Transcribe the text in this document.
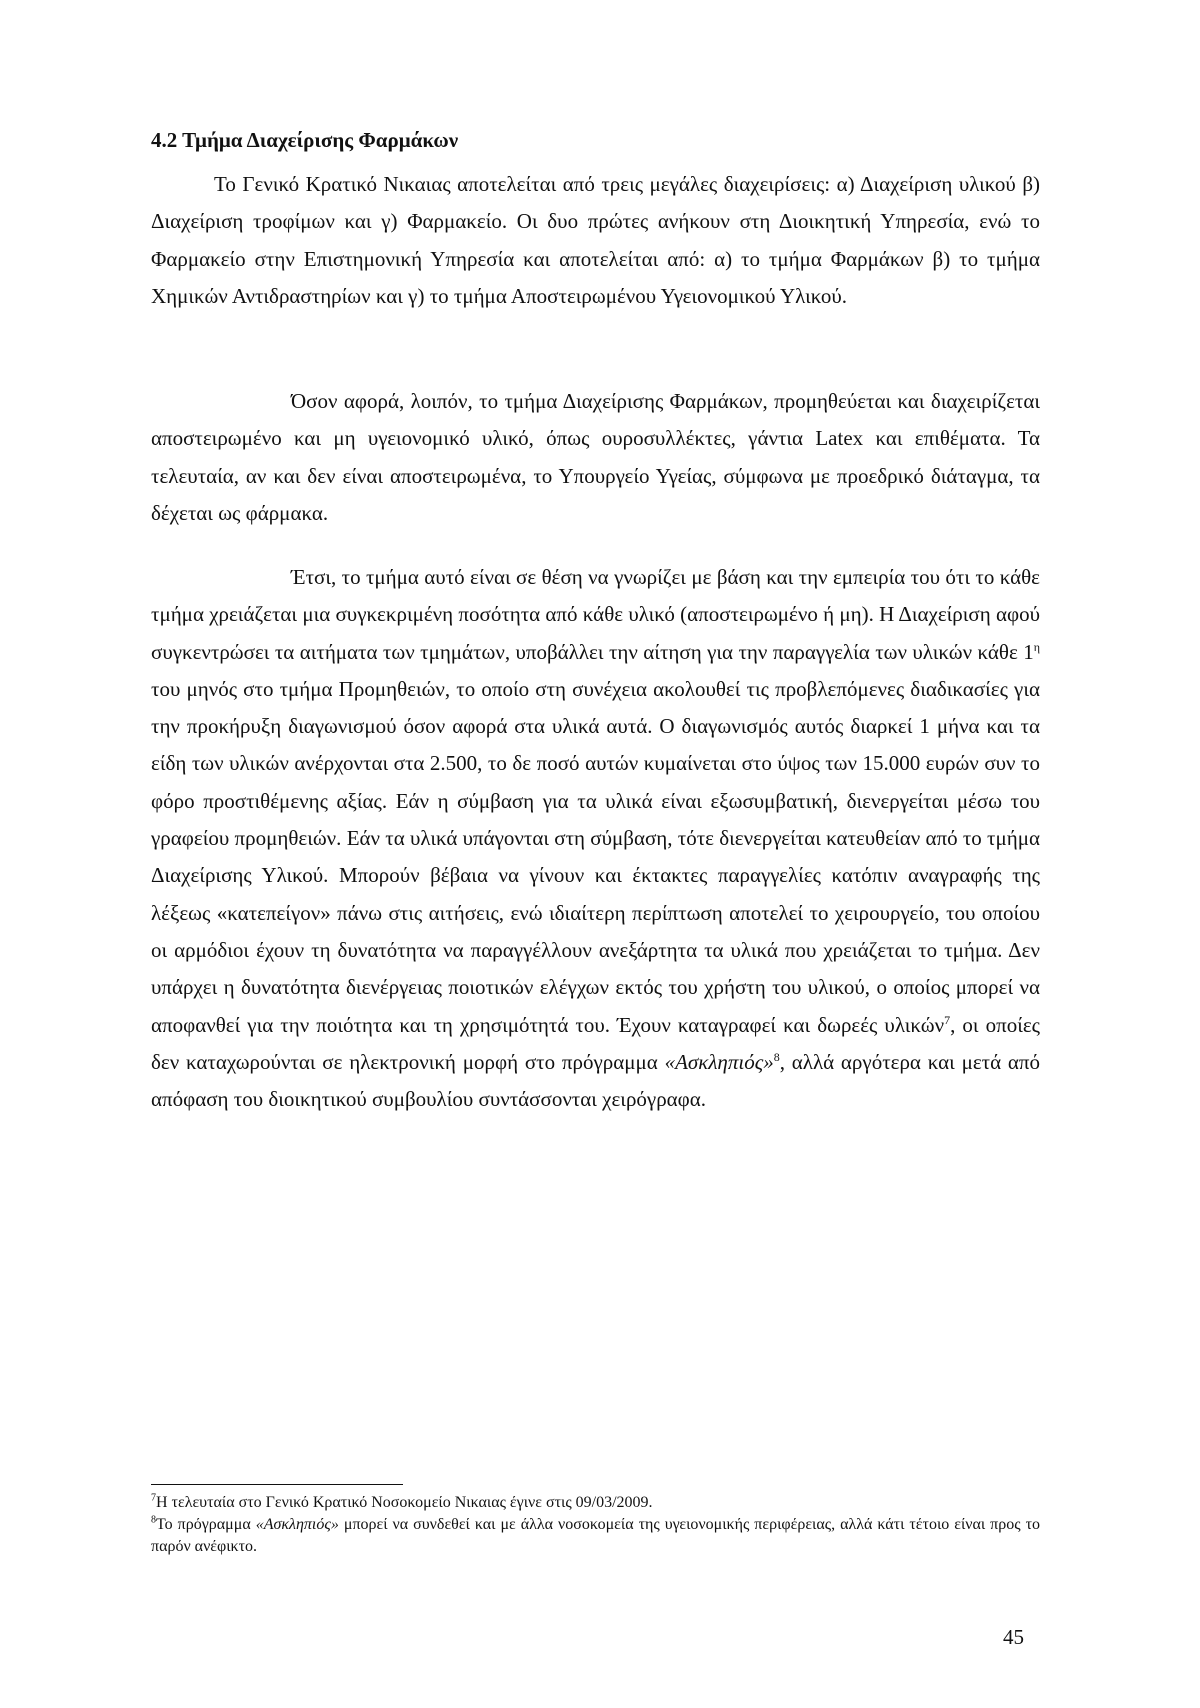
4.2 Τμήμα Διαχείρισης Φαρμάκων

Το Γενικό Κρατικό Νικαιας αποτελείται από τρεις μεγάλες διαχειρίσεις: α) Διαχείριση υλικού β) Διαχείριση τροφίμων και γ) Φαρμακείο. Οι δυο πρώτες ανήκουν στη Διοικητική Υπηρεσία, ενώ το Φαρμακείο στην Επιστημονική Υπηρεσία και αποτελείται από: α) το τμήμα Φαρμάκων β) το τμήμα Χημικών Αντιδραστηρίων και γ) το τμήμα Αποστειρωμένου Υγειονομικού Υλικού.

Όσον αφορά, λοιπόν, το τμήμα Διαχείρισης Φαρμάκων, προμηθεύεται και διαχειρίζεται αποστειρωμένο και μη υγειονομικό υλικό, όπως ουροσυλλέκτες, γάντια Latex και επιθέματα. Τα τελευταία, αν και δεν είναι αποστειρωμένα, το Υπουργείο Υγείας, σύμφωνα με προεδρικό διάταγμα, τα δέχεται ως φάρμακα.

Έτσι, το τμήμα αυτό είναι σε θέση να γνωρίζει με βάση και την εμπειρία του ότι το κάθε τμήμα χρειάζεται μια συγκεκριμένη ποσότητα από κάθε υλικό (αποστειρωμένο ή μη). Η Διαχείριση αφού συγκεντρώσει τα αιτήματα των τμημάτων, υποβάλλει την αίτηση για την παραγγελία των υλικών κάθε $1^\eta$ του μηνός στο τμήμα Προμηθειών, το οποίο στη συνέχεια ακολουθεί τις προβλεπόμενες διαδικασίες για την προκήρυξη διαγωνισμού όσον αφορά στα υλικά αυτά. Ο διαγωνισμός αυτός διαρκεί 1 μήνα και τα είδη των υλικών ανέρχονται στα 2.500, το δε ποσό αυτών κυμαίνεται στο ύψος των 15.000 ευρών συν το φόρο προστιθέμενης αξίας. Εάν η σύμβαση για τα υλικά είναι εξωσυμβατική, διενεργείται μέσω του γραφείου προμηθειών. Εάν τα υλικά υπάγονται στη σύμβαση, τότε διενεργείται κατευθείαν από το τμήμα Διαχείρισης Υλικού. Μπορούν βέβαια να γίνουν και έκτακτες παραγγελίες κατόπιν αναγραφής της λέξεως «κατεπείγον» πάνω στις αιτήσεις, ενώ ιδιαίτερη περίπτωση αποτελεί το χειρουργείο, του οποίου οι αρμόδιοι έχουν τη δυνατότητα να παραγγέλλουν ανεξάρτητα τα υλικά που χρειάζεται το τμήμα. Δεν υπάρχει η δυνατότητα διενέργειας ποιοτικών ελέγχων εκτός του χρήστη του υλικού, ο οποίος μπορεί να αποφανθεί για την ποιότητα και τη χρησιμότητά του. Έχουν καταγραφεί και δωρεές υλικών$^7$, οι οποίες δεν καταχωρούνται σε ηλεκτρονική μορφή στο πρόγραμμα «Ασκληπιός»$^8$, αλλά αργότερα και μετά από απόφαση του διοικητικού συμβουλίου συντάσσονται χειρόγραφα.

$^7$Η τελευταία στο Γενικό Κρατικό Νοσοκομείο Νικαιας έγινε στις 09/03/2009.

$^8$Το πρόγραμμα «Ασκληπιός» μπορεί να συνδεθεί και με άλλα νοσοκομεία της υγειονομικής περιφέρειας, αλλά κάτι τέτοιο είναι προς το παρόν ανέφικτο.

45
